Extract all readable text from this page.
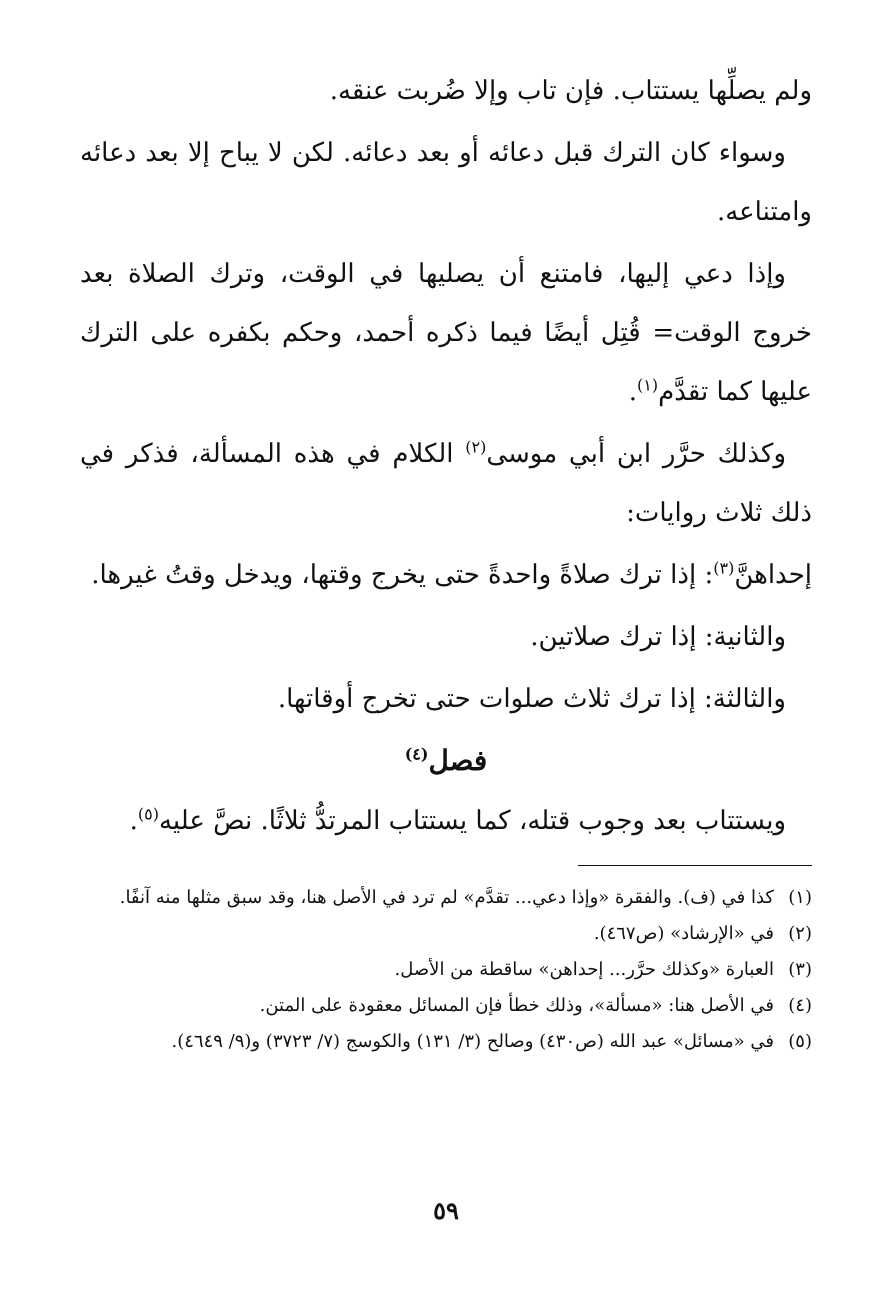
ولم يصلِّها يستتاب. فإن تاب وإلا ضُربت عنقه.

وسواء كان الترك قبل دعائه أو بعد دعائه. لكن لا يباح إلا بعد دعائه وامتناعه.

وإذا دعي إليها، فامتنع أن يصليها في الوقت، وترك الصلاة بعد خروج الوقت= قُتِل أيضًا فيما ذكره أحمد، وحكم بكفره على الترك عليها كما تقدَّم$^{(١)}$.

وكذلك حرَّر ابن أبي موسى$^{(٢)}$ الكلام في هذه المسألة، فذكر في ذلك ثلاث روايات:

إحداهنَّ$^{(٣)}$: إذا ترك صلاةً واحدةً حتى يخرج وقتها، ويدخل وقتُ غيرها.

والثانية: إذا ترك صلاتين.

والثالثة: إذا ترك ثلاث صلوات حتى تخرج أوقاتها.

فصل$^{(٤)}$

ويستتاب بعد وجوب قتله، كما يستتاب المرتدُّ ثلاثًا. نصَّ عليه$^{(٥)}$.

(١)
كذا في (ف). والفقرة «وإذا دعي... تقدَّم» لم ترد في الأصل هنا، وقد سبق مثلها منه آنفًا.
(٢)
في «الإرشاد» (ص٤٦٧).
(٣)
العبارة «وكذلك حرَّر... إحداهن» ساقطة من الأصل.
(٤)
في الأصل هنا: «مسألة»، وذلك خطأ فإن المسائل معقودة على المتن.
(٥)
في «مسائل» عبد الله (ص٤٣٠) وصالح (٣/ ١٣١) والكوسج (٧/ ٣٧٢٣) و(٩/ ٤٦٤٩).
٥٩
